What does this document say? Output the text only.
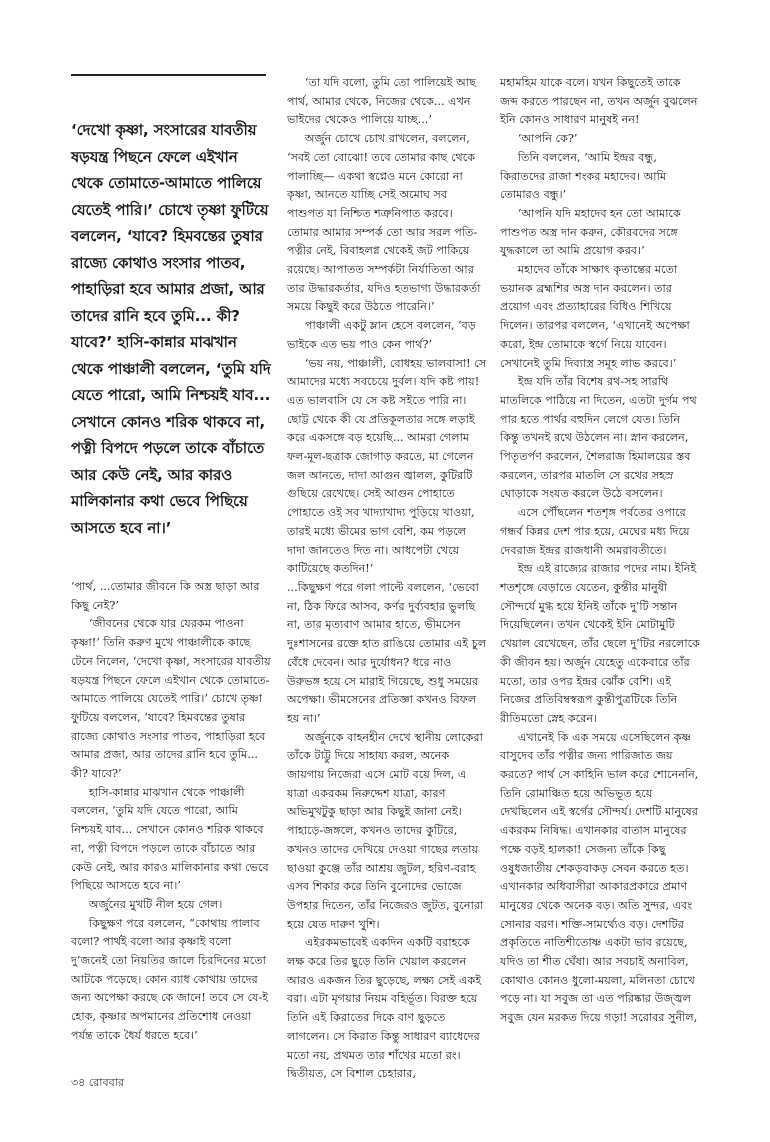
‘দেখো কৃষ্ণা, সংসারের যাবতীয় ষড়যন্ত্র পিছনে ফেলে এইখান থেকে তোমাতে-আমাতে পালিয়ে যেতেই পারি।’ চোখে তৃষ্ণা ফুটিয়ে বললেন, ‘যাবে? হিমবন্তের তুষার রাজ্যে কোথাও সংসার পাতব, পাহাড়িরা হবে আমার প্রজা, আর তাদের রানি হবে তুমি... কী? যাবে?’ হাসি-কান্নার মাঝখান থেকে পাঞ্চালী বললেন, ‘তুমি যদি যেতে পারো, আমি নিশ্চয়ই যাব... সেখানে কোনও শরিক থাকবে না, পত্নী বিপদে পড়লে তাকে বাঁচাতে আর কেউ নেই, আর কারও মালিকানার কথা ভেবে পিছিয়ে আসতে হবে না।’

‘পার্থ, ...তোমার জীবনে কি অস্ত্র ছাড়া আর কিছু নেই?’

‘জীবনের থেকে যার যেরকম পাওনা কৃষ্ণা!’ তিনি করুণ মুখে পাঞ্চালীকে কাছে টেনে নিলেন, ‘দেখো কৃষ্ণা, সংসারের যাবতীয় ষড়যন্ত্র পিছনে ফেলে এইখান থেকে তোমাতে-আমাতে পালিয়ে যেতেই পারি।’ চোখে তৃষ্ণা ফুটিয়ে বললেন, ‘যাবে? হিমবন্তের তুষার রাজ্যে কোথাও সংসার পাতব, পাহাড়িরা হবে আমার প্রজা, আর তাদের রানি হবে তুমি... কী? যাবে?’

হাসি-কান্নার মাঝখান থেকে পাঞ্চালী বললেন, ‘তুমি যদি যেতে পারো, আমি নিশ্চয়ই যাব... সেখানে কোনও শরিক থাকবে না, পত্নী বিপদে পড়লে তাকে বাঁচাতে আর কেউ নেই, আর কারও মালিকানার কথা ভেবে পিছিয়ে আসতে হবে না।’

অর্জুনের মুখটি নীল হয়ে গেল।

কিছুক্ষণ পরে বললেন, “কোথায় পালাব বলো? পার্থই বলো আর কৃষ্ণাই বলো দু’জনেই তো নিয়তির জালে চিরদিনের মতো আটকে পড়েছে। কোন ব্যাধ কোথায় তাদের জন্য অপেক্ষা করছে কে জানে! তবে সে যে-ই হোক, কৃষ্ণার অপমানের প্রতিশোধ নেওয়া পর্যন্ত তাকে ধৈর্য ধরতে হবে।’

‘তা যদি বলো, তুমি তো পালিয়েই আছ পার্থ, আমার থেকে, নিজের থেকে... এখন ভাইদের থেকেও পালিয়ে যাচ্ছ...’

অর্জুন চোখে চোখ রাখলেন, বললেন, ‘সবই তো বোঝো! তবে তোমার কাছ থেকে পালাচ্ছি— একথা স্বপ্নেও মনে কোরো না কৃষ্ণা, আনতে যাচ্ছি সেই অমোঘ সব পাশুপত যা নিশ্চিত শত্রুনিপাত করবে। তোমার আমার সম্পর্ক তো আর সরল পতি-পত্নীর নেই, বিবাহলগ্ন থেকেই জট পাকিয়ে রয়েছে। আপাতত সম্পর্কটা নির্যাতিতা আর তার উদ্ধারকর্তার, যদিও হতভাগ্য উদ্ধারকর্তা সময়ে কিছুই করে উঠতে পারেনি।’

পাঞ্চালী একটু ম্লান হেসে বললেন, ‘বড় ভাইকে এত ভয় পাও কেন পার্থ?’

‘ভয় নয়, পাঞ্চালী, বোধহয় ভালবাসা! সে আমাদের মধ্যে সবচেয়ে দুর্বল। যদি কষ্ট পায়! এত ভালবাসি যে সে কষ্ট সইতে পারি না। ছোট্ট থেকে কী যে প্রতিকূলতার সঙ্গে লড়াই করে একসঙ্গে বড় হয়েছি... আমরা গেলাম ফল-মূল-ছত্রাক জোগাড় করতে, মা গেলেন জল আনতে, দাদা আগুন জ্বালল, কুটিরটি গুছিয়ে রেখেছে। সেই আগুন পোহাতে পোহাতে ওই সব খাদ্যাখাদ্য পুড়িয়ে খাওয়া, তারই মধ্যে ভীমের ভাগ বেশি, কম পড়লে দাদা জানতেও দিত না। আধপেটা খেয়ে কাটিয়েছে কতদিন!’

...কিছুক্ষণ পরে গলা পাল্টে বললেন, ‘ভেবো না, ঠিক ফিরে আসব, কর্ণর দুর্ব্যবহার ভুলছি না, তার মৃত্যবাণ আমার হাতে, ভীমসেন দুঃশাসনের রক্তে হাত রাঙিয়ে তোমার এই চুল বেঁধে দেবেন। আর দুর্যোধন? ধরে নাও উরুভঙ্গ হয়ে সে মারাই গিয়েছে, শুধু সময়ের অপেক্ষা। ভীমসেনের প্রতিজ্ঞা কখনও বিফল হয় না।’

অর্জুনকে বাহনহীন দেখে স্থানীয় লোকেরা তাঁকে টাট্টু দিয়ে সাহায্য করল, অনেক জায়গায় নিজেরা এসে মোট বয়ে দিল, এ যাত্রা একরকম নিরুদ্দেশ যাত্রা, কারণ অভিমুখটুকু ছাড়া আর কিছুই জানা নেই। পাহাড়ে-জঙ্গলে, কখনও তাদের কুটিরে, কখনও তাদের দেখিয়ে দেওয়া গাছের লতায় ছাওয়া কুঞ্জে তাঁর আশ্রয় জুটল, হরিণ-বরাহ এসব শিকার করে তিনি বুনোদের ভোজে উপহার দিতেন, তাঁর নিজেরও জুটত, বুনোরা হয়ে যেত দারুণ খুশি।

এইরকমভাবেই একদিন একটি বরাহকে লক্ষ করে তির ছুড়ে তিনি খেয়াল করলেন আরও একজন তির ছুড়েছে, লক্ষ্য সেই একই বরা। এটা মৃগয়ার নিয়ম বহির্ভূত। বিরক্ত হয়ে তিনি এই কিরাতের দিকে বাণ ছুড়তে লাগলেন। সে কিরাত কিন্তু সাধারণ ব্যাধেদের মতো নয়, প্রথমত তার শাঁখের মতো রং। দ্বিতীয়ত, সে বিশাল চেহারার,

মহামহিম যাকে বলে। যখন কিছুতেই তাকে জব্দ করতে পারছেন না, তখন অর্জুন বুঝলেন ইনি কোনও সাধারণ মানুষই নন!

‘আপনি কে?’

তিনি বললেন, ‘আমি ইন্দ্রর বন্ধু, কিরাতদের রাজা শংকর মহাদেব। আমি তোমারও বন্ধু।’

‘আপনি যদি মহাদেব হন তো আমাকে পাশুপত অস্ত্র দান করুন, কৌরবদের সঙ্গে যুদ্ধকালে তা আমি প্রয়োগ করব।’

মহাদেব তাঁকে সাক্ষাৎ কৃতান্তের মতো ভয়ানক ব্রহ্মশির অস্ত্র দান করলেন। তার প্রয়োগ এবং প্রত্যাহারের বিধিও শিখিয়ে দিলেন। তারপর বললেন, ‘এখানেই অপেক্ষা করো, ইন্দ্র তোমাকে স্বর্গে নিয়ে যাবেন। সেখানেই তুমি দিব্যাস্ত্র সমূহ লাভ করবে।’

ইন্দ্র যদি তাঁর বিশেষ রথ-সহ সারথি মাতলিকে পাঠিয়ে না দিতেন, এতটা দুর্গম পথ পার হতে পার্থর বহুদিন লেগে যেত। তিনি কিন্তু তখনই রথে উঠলেন না। স্নান করলেন, পিতৃতর্পণ করলেন, শৈলরাজ হিমালয়ের স্তব করলেন, তারপর মাতলি সে রথের সহস্র ঘোড়াকে সংযত করলে উঠে বসলেন।

এসে পৌঁছলেন শতশৃঙ্গ পর্বতের ওপারে গন্ধর্ব কিন্নর দেশ পার হয়ে, মেঘের মধ্য দিয়ে দেবরাজ ইন্দ্রর রাজধানী অমরাবতীতে।

ইন্দ্র এই রাজ্যের রাজার পদের নাম। ইনিই শতশৃঙ্গে বেড়াতে যেতেন, কুন্তীর মানুষী সৌন্দর্যে মুগ্ধ হয়ে ইনিই তাঁকে দু’টি সন্তান দিয়েছিলেন। তখন থেকেই ইনি মোটামুটি খেয়াল রেখেছেন, তাঁর ছেলে দু’টির নরলোকে কী জীবন হয়। অর্জুন যেহেতু একেবারে তাঁর মতো, তার ওপর ইন্দ্রর ঝোঁক বেশি। এই নিজের প্রতিবিম্বস্বরূপ কুন্তীপুত্রটিকে তিনি রীতিমতো স্নেহ করেন।

এখানেই কি এক সময়ে এসেছিলেন কৃষ্ণ বাসুদেব তাঁর পত্নীর জন্য পারিজাত জয় করতে? পার্থ সে কাহিনি ভাল করে শোনেননি, তিনি রোমাঞ্চিত হয়ে অভিভূত হয়ে দেখছিলেন এই স্বর্গের সৌন্দর্য। দেশটি মানুষের একরকম নিষিদ্ধ। এখানকার বাতাস মানুষের পক্ষে বড়ই হালকা! সেজন্য তাঁকে কিছু ওষুধজাতীয় শেকড়বাকড় সেবন করতে হত। এখানকার অধিবাসীরা আকারপ্রকারে প্রমাণ মানুষের থেকে অনেক বড়। অতি সুন্দর, এবং সোনার বরণ। শক্তি-সামর্থ্যেও বড়। দেশটির প্রকৃতিতে নাতিশীতোষ্ণ একটা ভাব রয়েছে, যদিও তা শীত ঘেঁষা। আর সবচাই অনাবিল, কোথাও কোনও ধুলো-ময়লা, মলিনতা চোখে পড়ে না। যা সবুজ তা এত পরিষ্কার উজ্জ্বল সবুজ যেন মরকত দিয়ে গড়া! সরোবর সুনীল,

৩৪ রোববার
